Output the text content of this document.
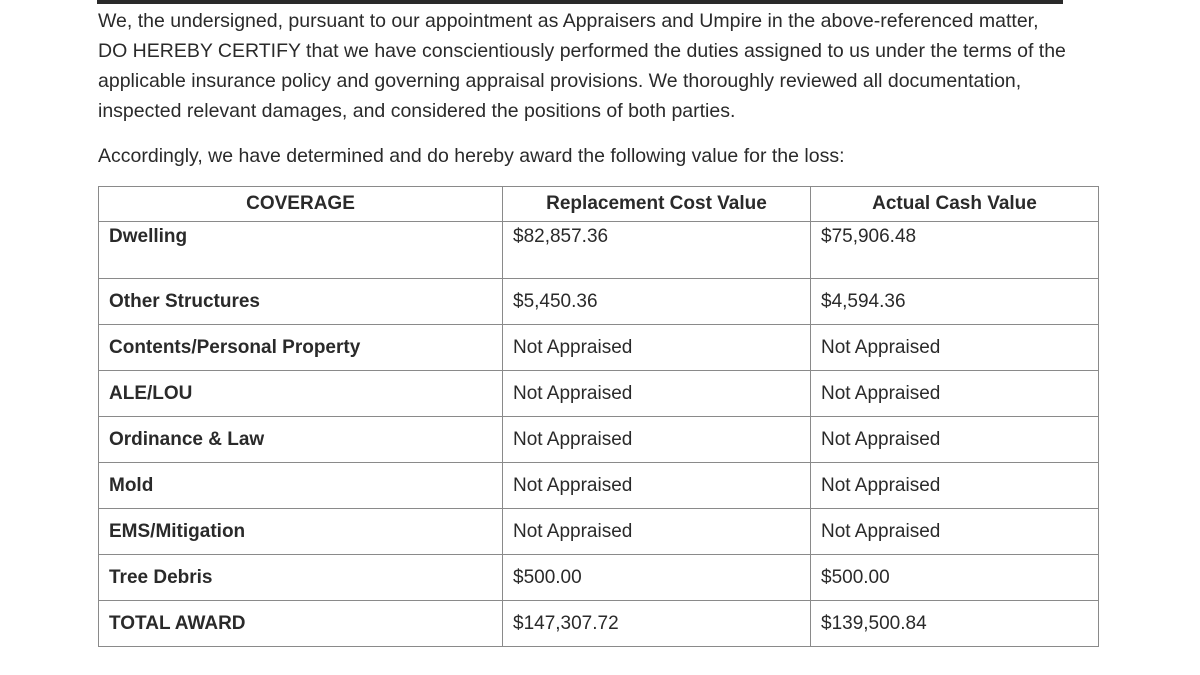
We, the undersigned, pursuant to our appointment as Appraisers and Umpire in the above-referenced matter, DO HEREBY CERTIFY that we have conscientiously performed the duties assigned to us under the terms of the applicable insurance policy and governing appraisal provisions. We thoroughly reviewed all documentation, inspected relevant damages, and considered the positions of both parties.

Accordingly, we have determined and do hereby award the following value for the loss:

COVERAGE	Replacement Cost Value	Actual Cash Value
Dwelling	$82,857.36	$75,906.48
Other Structures	$5,450.36	$4,594.36
Contents/Personal Property	Not Appraised	Not Appraised
ALE/LOU	Not Appraised	Not Appraised
Ordinance & Law	Not Appraised	Not Appraised
Mold	Not Appraised	Not Appraised
EMS/Mitigation	Not Appraised	Not Appraised
Tree Debris	$500.00	$500.00
TOTAL AWARD	$147,307.72	$139,500.84
